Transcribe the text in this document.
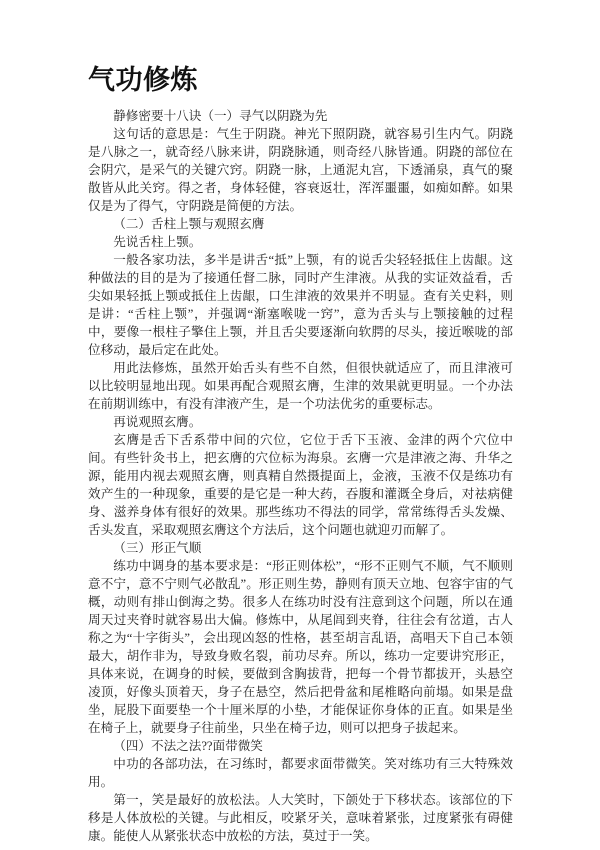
气功修炼

静修密要十八诀（一）寻气以阴跷为先

这句话的意思是：气生于阴跷。神光下照阴跷，就容易引生内气。阴跷是八脉之一，就奇经八脉来讲，阴跷脉通，则奇经八脉皆通。阴跷的部位在会阴穴，是采气的关键穴窍。阴跷一脉，上通泥丸宫，下透涌泉，真气的聚散皆从此关窍。得之者，身体轻健，容衰返壮，浑浑噩噩，如痴如醉。如果仅是为了得气，守阴跷是简便的方法。

（二）舌柱上颚与观照玄膺

先说舌柱上颚。

一般各家功法，多半是讲舌“抵”上颚，有的说舌尖轻轻抵住上齿龈。这种做法的目的是为了接通任督二脉，同时产生津液。从我的实证效益看，舌尖如果轻抵上颚或抵住上齿龈，口生津液的效果并不明显。查有关史料，则是讲：“舌柱上颚”，并强调“渐塞喉咙一窍”，意为舌头与上颚接触的过程中，要像一根柱子擎住上颚，并且舌尖要逐渐向软腭的尽头，接近喉咙的部位移动，最后定在此处。

用此法修炼，虽然开始舌头有些不自然，但很快就适应了，而且津液可以比较明显地出现。如果再配合观照玄膺，生津的效果就更明显。一个办法在前期训练中，有没有津液产生，是一个功法优劣的重要标志。

再说观照玄膺。

玄膺是舌下舌系带中间的穴位，它位于舌下玉液、金津的两个穴位中间。有些针灸书上，把玄膺的穴位标为海泉。玄膺一穴是津液之海、升华之源，能用内视去观照玄膺，则真精自然摄提面上，金液，玉液不仅是练功有效产生的一种现象，重要的是它是一种大药，吞腹和灌溉全身后，对祛病健身、滋养身体有很好的效果。那些练功不得法的同学，常常练得舌头发燥、舌头发直，采取观照玄膺这个方法后，这个问题也就迎刃而解了。

（三）形正气顺

练功中调身的基本要求是：“形正则体松”，“形不正则气不顺，气不顺则意不宁，意不宁则气必散乱”。形正则生势，静则有顶天立地、包容宇宙的气概，动则有排山倒海之势。很多人在练功时没有注意到这个问题，所以在通周天过夹脊时就容易出大偏。修炼中，从尾闾到夹脊，往往会有岔道，古人称之为“十字街头”，会出现凶怒的性格，甚至胡言乱语，高唱天下自己本领最大，胡作非为，导致身败名裂，前功尽弃。所以，练功一定要讲究形正，具体来说，在调身的时候，要做到含胸拔背，把每一个骨节都拔开，头悬空凌顶，好像头顶着天，身子在悬空，然后把骨盆和尾椎略向前塌。如果是盘坐，屁股下面要垫一个十厘米厚的小垫，才能保证你身体的正直。如果是坐在椅子上，就要身子往前坐，只坐在椅子边，则可以把身子拔起来。

（四）不法之法??面带微笑

中功的各部功法，在习练时，都要求面带微笑。笑对练功有三大特殊效用。

第一，笑是最好的放松法。人大笑时，下颌处于下移状态。该部位的下移是人体放松的关键。与此相反，咬紧牙关，意味着紧张，过度紧张有碍健康。能使人从紧张状态中放松的方法，莫过于一笑。
